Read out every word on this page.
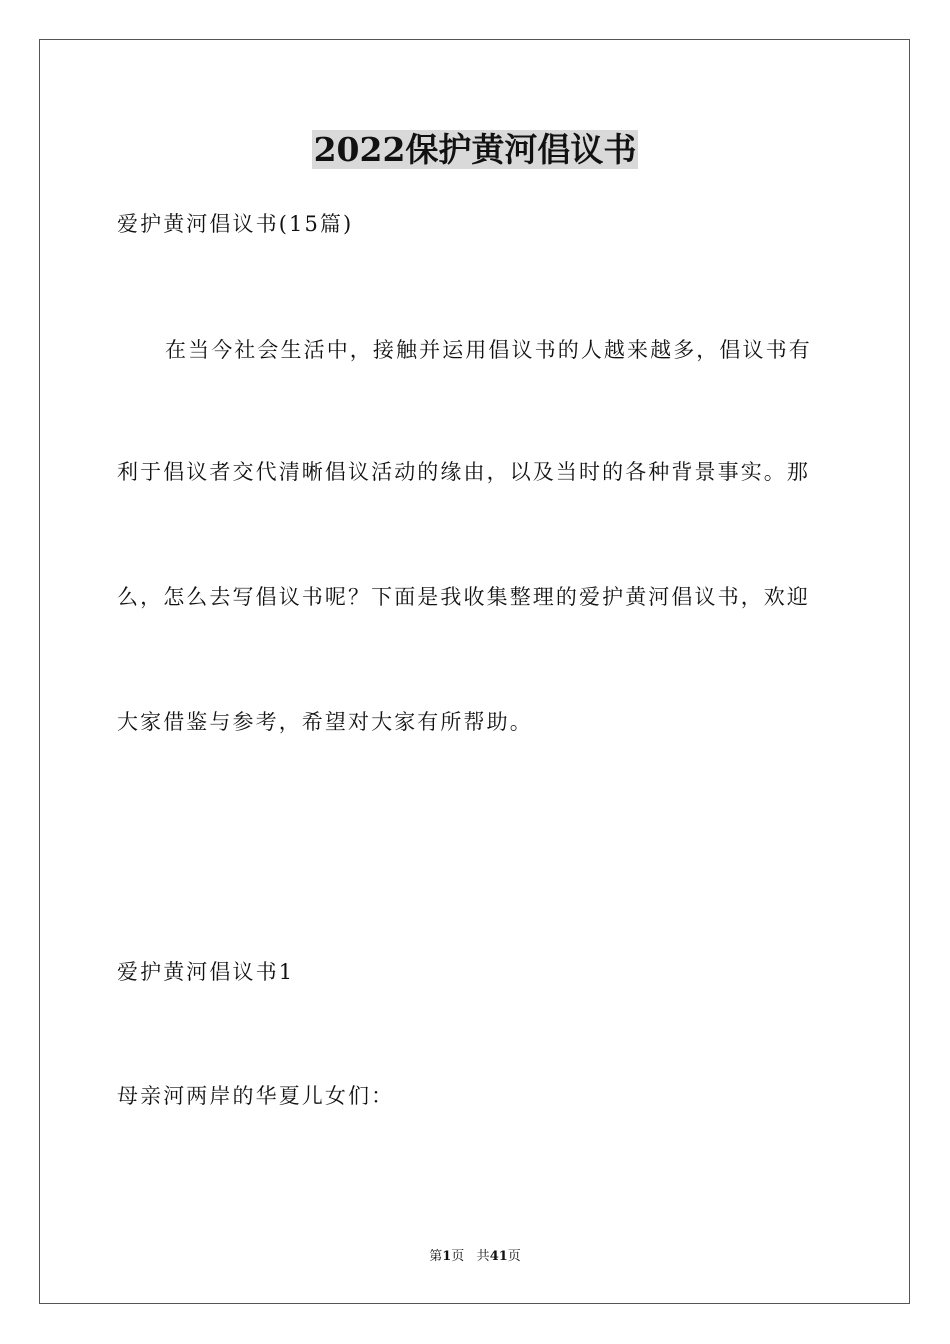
2022保护黄河倡议书
爱护黄河倡议书(15篇)
在当今社会生活中，接触并运用倡议书的人越来越多，倡议书有
利于倡议者交代清晰倡议活动的缘由，以及当时的各种背景事实。那
么，怎么去写倡议书呢？下面是我收集整理的爱护黄河倡议书，欢迎
大家借鉴与参考，希望对大家有所帮助。
爱护黄河倡议书1
母亲河两岸的华夏儿女们：
第1页 共41页
